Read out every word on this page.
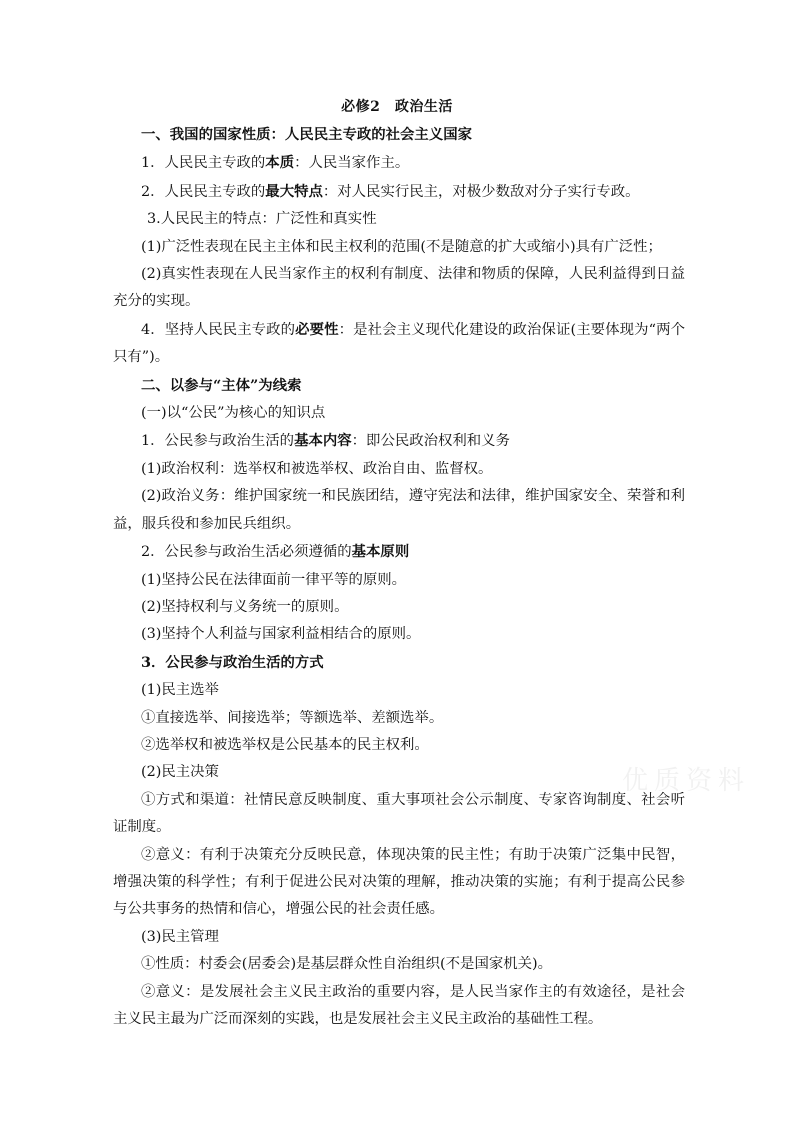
必修2　政治生活

一、我国的国家性质：人民民主专政的社会主义国家

1．人民民主专政的本质：人民当家作主。

2．人民民主专政的最大特点：对人民实行民主，对极少数敌对分子实行专政。

3.人民民主的特点：广泛性和真实性

(1)广泛性表现在民主主体和民主权利的范围(不是随意的扩大或缩小)具有广泛性；

(2)真实性表现在人民当家作主的权利有制度、法律和物质的保障，人民利益得到日益充分的实现。

4．坚持人民民主专政的必要性：是社会主义现代化建设的政治保证(主要体现为“两个只有”)。

二、以参与“主体”为线索

(一)以“公民”为核心的知识点

1．公民参与政治生活的基本内容：即公民政治权利和义务

(1)政治权利：选举权和被选举权、政治自由、监督权。

(2)政治义务：维护国家统一和民族团结，遵守宪法和法律，维护国家安全、荣誉和利益，服兵役和参加民兵组织。

2．公民参与政治生活必须遵循的基本原则

(1)坚持公民在法律面前一律平等的原则。

(2)坚持权利与义务统一的原则。

(3)坚持个人利益与国家利益相结合的原则。

3．公民参与政治生活的方式

(1)民主选举

①直接选举、间接选举；等额选举、差额选举。

②选举权和被选举权是公民基本的民主权利。

(2)民主决策

①方式和渠道：社情民意反映制度、重大事项社会公示制度、专家咨询制度、社会听证制度。

②意义：有利于决策充分反映民意，体现决策的民主性；有助于决策广泛集中民智，增强决策的科学性；有利于促进公民对决策的理解，推动决策的实施；有利于提高公民参与公共事务的热情和信心，增强公民的社会责任感。

(3)民主管理

①性质：村委会(居委会)是基层群众性自治组织(不是国家机关)。

②意义：是发展社会主义民主政治的重要内容，是人民当家作主的有效途径，是社会主义民主最为广泛而深刻的实践，也是发展社会主义民主政治的基础性工程。

优质资料
